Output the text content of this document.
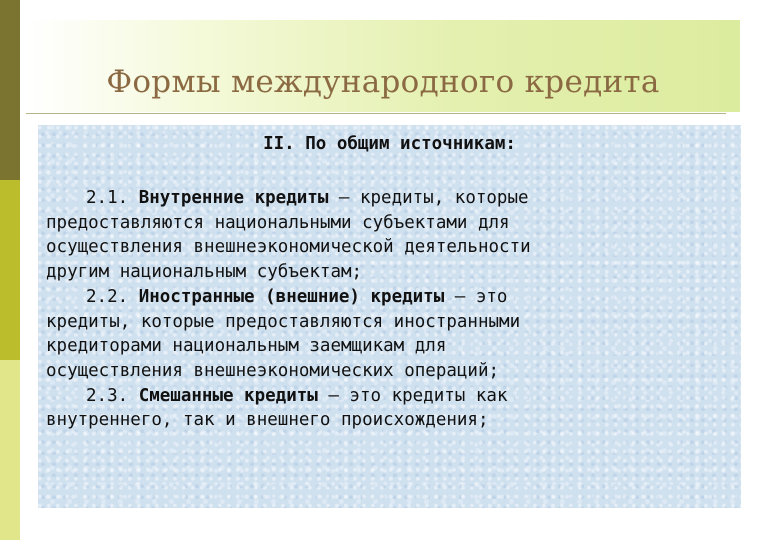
Формы международного кредита
II. По общим источникам:
2.1. Внутренние кредиты – кредиты, которые
предоставляются национальными субъектами для
осуществления внешнеэкономической деятельности
другим национальным субъектам;
2.2. Иностранные (внешние) кредиты – это
кредиты, которые предоставляются иностранными
кредиторами национальным заемщикам для
осуществления внешнеэкономических операций;
2.3. Смешанные кредиты – это кредиты как
внутреннего, так и внешнего происхождения;
